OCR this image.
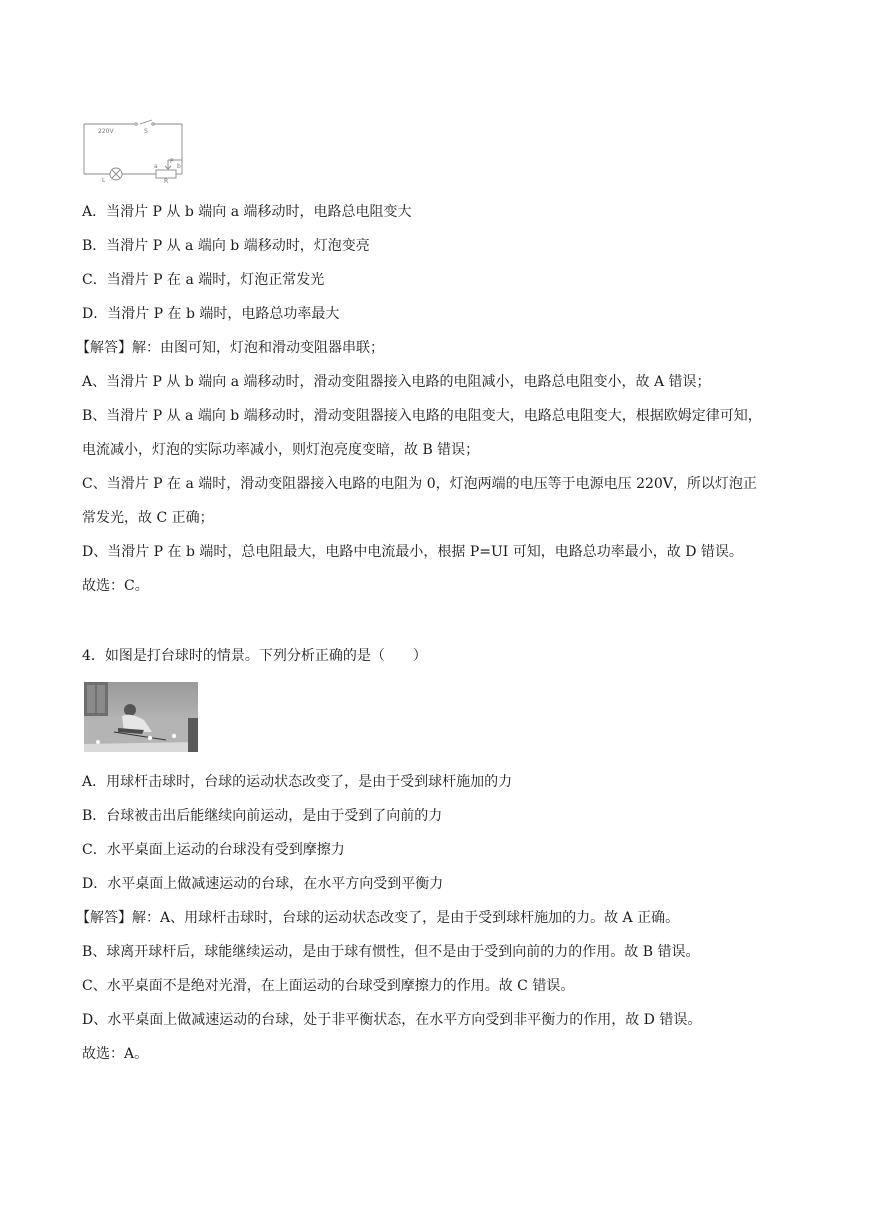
220V	S
L
P
a	b
R
A．当滑片 P 从 b 端向 a 端移动时，电路总电阻变大
B．当滑片 P 从 a 端向 b 端移动时，灯泡变亮
C．当滑片 P 在 a 端时，灯泡正常发光
D．当滑片 P 在 b 端时，电路总功率最大
【解答】解：由图可知，灯泡和滑动变阻器串联；
A、当滑片 P 从 b 端向 a 端移动时，滑动变阻器接入电路的电阻减小，电路总电阻变小，故 A 错误；
B、当滑片 P 从 a 端向 b 端移动时，滑动变阻器接入电路的电阻变大，电路总电阻变大，根据欧姆定律可知，
电流减小，灯泡的实际功率减小，则灯泡亮度变暗，故 B 错误；
C、当滑片 P 在 a 端时，滑动变阻器接入电路的电阻为 0，灯泡两端的电压等于电源电压 220V，所以灯泡正
常发光，故 C 正确；
D、当滑片 P 在 b 端时，总电阻最大，电路中电流最小，根据 P=UI 可知，电路总功率最小，故 D 错误。
故选：C。
4．如图是打台球时的情景。下列分析正确的是（　　）
A．用球杆击球时，台球的运动状态改变了，是由于受到球杆施加的力
B．台球被击出后能继续向前运动，是由于受到了向前的力
C．水平桌面上运动的台球没有受到摩擦力
D．水平桌面上做减速运动的台球，在水平方向受到平衡力
【解答】解：A、用球杆击球时，台球的运动状态改变了，是由于受到球杆施加的力。故 A 正确。
B、球离开球杆后，球能继续运动，是由于球有惯性，但不是由于受到向前的力的作用。故 B 错误。
C、水平桌面不是绝对光滑，在上面运动的台球受到摩擦力的作用。故 C 错误。
D、水平桌面上做减速运动的台球，处于非平衡状态，在水平方向受到非平衡力的作用，故 D 错误。
故选：A。
